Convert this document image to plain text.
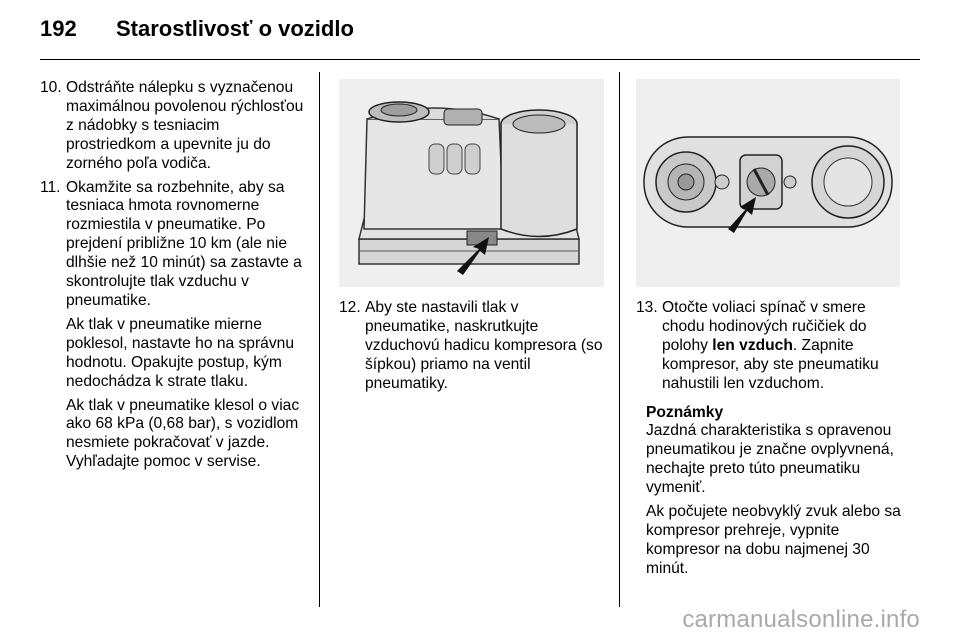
192 Starostlivosť o vozidlo
10. Odstráňte nálepku s vyznačenou maximálnou povolenou rýchlosťou z nádobky s tesniacim prostriedkom a upevnite ju do zorného poľa vodiča.
11. Okamžite sa rozbehnite, aby sa tesniaca hmota rovnomerne rozmiestila v pneumatike. Po prejdení približne 10 km (ale nie dlhšie než 10 minút) sa zastavte a skontrolujte tlak vzduchu v pneumatike.

Ak tlak v pneumatike mierne poklesol, nastavte ho na správnu hodnotu. Opakujte postup, kým nedochádza k strate tlaku.

Ak tlak v pneumatike klesol o viac ako 68 kPa (0,68 bar), s vozidlom nesmiete pokračovať v jazde. Vyhľadajte pomoc v servise.

12. Aby ste nastavili tlak v pneumatike, naskrutkujte vzduchovú hadicu kompresora (so šípkou) priamo na ventil pneumatiky.
13. Otočte voliaci spínač v smere chodu hodinových ručičiek do polohy len vzduch. Zapnite kompresor, aby ste pneumatiku nahustili len vzduchom.

Poznámky

Jazdná charakteristika s opravenou pneumatikou je značne ovplyvnená, nechajte preto túto pneumatiku vymeniť.

Ak počujete neobvyklý zvuk alebo sa kompresor prehreje, vypnite kompresor na dobu najmenej 30 minút.

carmanualsonline.info
